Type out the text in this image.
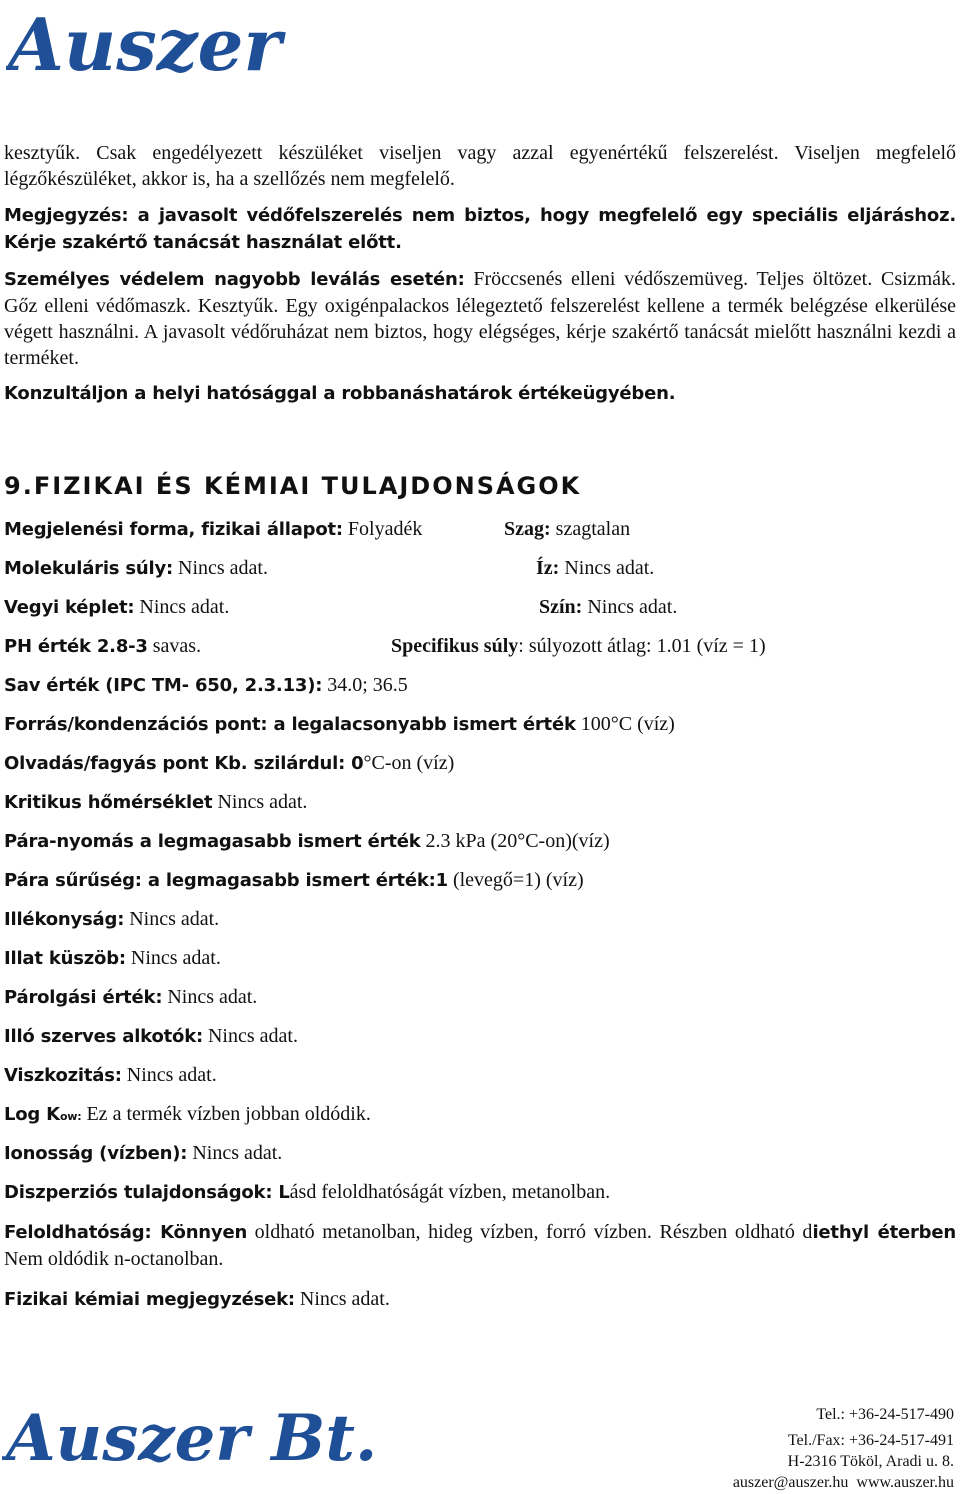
Auszer

kesztyűk. Csak engedélyezett készüléket viseljen vagy azzal egyenértékű felszerelést. Viseljen megfelelő légzőkészüléket, akkor is, ha a szellőzés nem megfelelő.

Megjegyzés: a javasolt védőfelszerelés nem biztos, hogy megfelelő egy speciális eljáráshoz. Kérje szakértő tanácsát használat előtt.

Személyes védelem nagyobb leválás esetén: Fröccsenés elleni védőszemüveg. Teljes öltözet. Csizmák. Gőz elleni védőmaszk. Kesztyűk. Egy oxigénpalackos lélegeztető felszerelést kellene a termék belégzése elkerülése végett használni. A javasolt védőruházat nem biztos, hogy elégséges, kérje szakértő tanácsát mielőtt használni kezdi a terméket.

Konzultáljon a helyi hatósággal a robbanáshatárok értékeügyében.

9.FIZIKAI ÉS KÉMIAI TULAJDONSÁGOK
Megjelenési forma, fizikai állapot: Folyadék
Molekuláris súly: Nincs adat.
Vegyi képlet: Nincs adat.
PH érték 2.8-3 savas.
Sav érték (IPC TM- 650, 2.3.13): 34.0; 36.5
Forrás/kondenzációs pont: a legalacsonyabb ismert érték 100°C (víz)
Olvadás/fagyás pont Kb. szilárdul: 0°C-on (víz)
Kritikus hőmérséklet Nincs adat.
Pára-nyomás a legmagasabb ismert érték 2.3 kPa (20°C-on)(víz)
Pára sűrűség: a legmagasabb ismert érték:1 (levegő=1) (víz)
Illékonyság: Nincs adat.
Illat küszöb: Nincs adat.
Párolgási érték: Nincs adat.
Illó szerves alkotók: Nincs adat.
Viszkozitás: Nincs adat.
Log Kow: Ez a termék vízben jobban oldódik.
Ionosság (vízben): Nincs adat.
Diszperziós tulajdonságok: Lásd feloldhatóságát vízben, metanolban.

Feloldhatóság: Könnyen oldható metanolban, hideg vízben, forró vízben. Részben oldható diethyl éterben Nem oldódik n-octanolban.

Fizikai kémiai megjegyzések: Nincs adat.
Szag: szagtalan
Íz: Nincs adat.
Szín: Nincs adat.
Specifikus súly: súlyozott átlag: 1.01 (víz = 1)
Auszer Bt.	Tel.: +36-24-517-490
Tel./Fax: +36-24-517-491
H-2316 Tököl, Aradi u. 8.
auszer@auszer.hu www.auszer.hu
